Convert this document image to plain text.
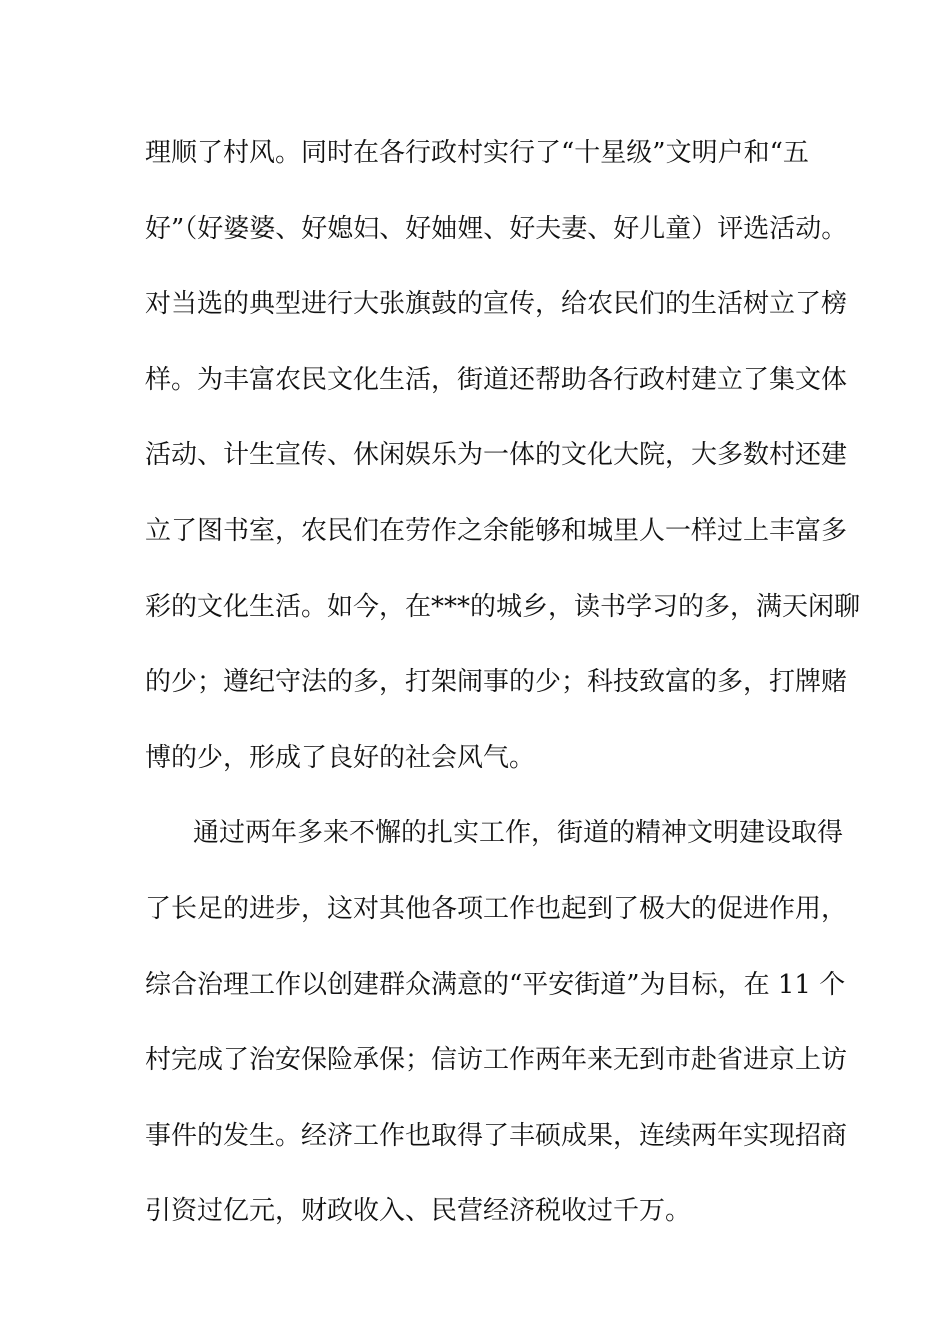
理顺了村风。同时在各行政村实行了“十星级”文明户和“五
好”（好婆婆、好媳妇、好妯娌、好夫妻、好儿童）评选活动。
对当选的典型进行大张旗鼓的宣传，给农民们的生活树立了榜
样。为丰富农民文化生活，街道还帮助各行政村建立了集文体
活动、计生宣传、休闲娱乐为一体的文化大院，大多数村还建
立了图书室，农民们在劳作之余能够和城里人一样过上丰富多
彩的文化生活。如今，在***的城乡，读书学习的多，满天闲聊
的少；遵纪守法的多，打架闹事的少；科技致富的多，打牌赌
博的少，形成了良好的社会风气。
通过两年多来不懈的扎实工作，街道的精神文明建设取得
了长足的进步，这对其他各项工作也起到了极大的促进作用，
综合治理工作以创建群众满意的“平安街道”为目标，在 11 个
村完成了治安保险承保；信访工作两年来无到市赴省进京上访
事件的发生。经济工作也取得了丰硕成果，连续两年实现招商
引资过亿元，财政收入、民营经济税收过千万。
